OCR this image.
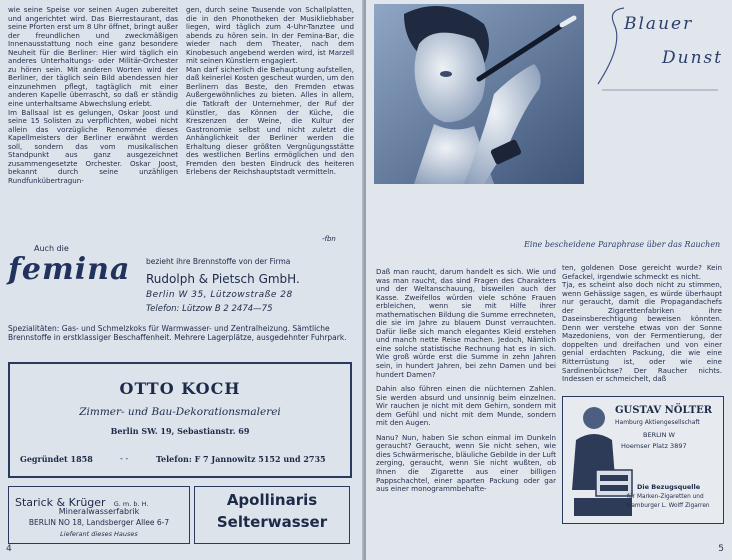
wie seine Speise vor seinen Augen zubereitet und angerichtet wird. Das Bierrestaurant, das seine Pforten erst um 8 Uhr öffnet, bringt außer der freundlichen und zweckmäßigen Innenausstattung noch eine ganz besondere Neuheit für die Berliner: Hier wird täglich ein anderes Unterhaltungs- oder Militär-Orchester zu hören sein. Mit anderen Worten wird der Berliner, der täglich sein Bild abendessen hier einzunehmen pflegt, tagtäglich mit einer anderen Kapelle überrascht, so daß er ständig eine unterhaltsame Abwechslung erlebt.

Im Ballsaal ist es gelungen, Oskar Joost und seine 15 Solisten zu verpflichten, wobei nicht allein das vorzügliche Renommée dieses Kapellmeisters der Berliner erwähnt werden soll, sondern das vom musikalischen Standpunkt aus ganz ausgezeichnet zusammengesetzte Orchester. Oskar Joost, bekannt durch seine unzähligen Rundfunkübertragun-

gen, durch seine Tausende von Schallplatten, die in den Phonotheken der Musikliebhaber liegen, wird täglich zum 4-Uhr-Tanztee und abends zu hören sein. In der Femina-Bar, die wieder nach dem Theater, nach dem Kinobesuch angebend werden wird, ist Marzell mit seinen Künstlern engagiert.

Man darf sicherlich die Behauptung aufstellen, daß keinerlei Kosten gescheut wurden, um den Berlinern das Beste, den Fremden etwas Außergewöhnliches zu bieten. Alles in allem, die Tatkraft der Unternehmer, der Ruf der Künstler, das Können der Küche, die Kreszenzen der Weine, die Kultur der Gastronomie selbst und nicht zuletzt die Anhänglichkeit der Berliner werden die Erhaltung dieser größten Vergnügungsstätte des westlichen Berlins ermöglichen und den Fremden den besten Eindruck des heiteren Erlebens der Reichshauptstadt vermitteln.

-fbn
Auch die
femina bezieht ihre Brennstoffe von der Firma
Rudolph & Pietsch GmbH.
Berlin W 35, Lützowstraße 28
Telefon: Lützow B 2 2474—75
Spezialitäten: Gas- und Schmelzkoks für Warmwasser- und Zentralheizung. Sämtliche Brennstoffe in erstklassiger Beschaffenheit. Mehrere Lagerplätze, ausgedehnter Fuhrpark.
OTTO KOCH
Zimmer- und Bau-Dekorationsmalerei
Berlin SW. 19, Sebastianstr. 69
Gegründet 1858	- -	Telefon: F 7 Jannowitz 5152 und 2735
Starick & Krüger G. m. b. H.
Mineralwasserfabrik
BERLIN NO 18, Landsberger Allee 6-7
Lieferant dieses Hauses
Apollinaris
Selterwasser
4
Blauer
Dunst
Eine bescheidene Paraphrase über das Rauchen

Daß man raucht, darum handelt es sich. Wie und was man raucht, das sind Fragen des Charakters und der Weltanschauung, bisweilen auch der Kasse. Zweifellos würden viele schöne Frauen erbleichen, wenn sie mit Hilfe ihrer mathematischen Bildung die Summe errechneten, die sie im Jahre zu blauem Dunst verrauchten. Dafür ließe sich manch elegantes Kleid erstehen und manch nette Reise machen. Jedoch, Nämlich eine solche statistische Rechnung hat es in sich. Wie groß würde erst die Summe in zehn Jahren sein, in hundert Jahren, bei zehn Damen und bei hundert Damen?

Dahin also führen einen die nüchternen Zahlen. Sie werden absurd und unsinnig beim einzelnen. Wir rauchen je nicht mit dem Gehirn, sondern mit dem Gefühl und nicht mit dem Munde, sondern mit den Augen.

Nanu? Nun, haben Sie schon einmal im Dunkeln geraucht? Geraucht, wenn Sie nicht sehen, wie dies Schwärmerische, bläuliche Gebilde in der Luft zerging, geraucht, wenn Sie nicht wußten, ob Ihnen die Zigarette aus einer billigen Pappschachtel, einer aparten Packung oder gar aus einer monogrammbehafte-

ten, goldenen Dose gereicht wurde? Kein Gefackel, irgendwie schmeckt es nicht.

Tja, es scheint also doch nicht zu stimmen, wenn Gehässige sagen, es würde überhaupt nur geraucht, damit die Propagandachefs der Zigarettenfabriken ihre Daseinsberechtigung beweisen könnten. Denn wer verstehe etwas von der Sonne Mazedoniens, von der Fermentierung, der doppelten und dreifachen und von einer genial erdachten Packung, die wie eine Ritterrüstung ist, oder wie eine Sardinenbüchse? Der Raucher nichts. Indessen er schmeichelt, daß

GUSTAV NÖLTER
Hamburg Aktiengesellschaft
BERLIN W
Hoemser Platz 3897
Die Bezugsquelle
für Marken-Zigaretten und
Hamburger L. Wolff Zigarren
5
